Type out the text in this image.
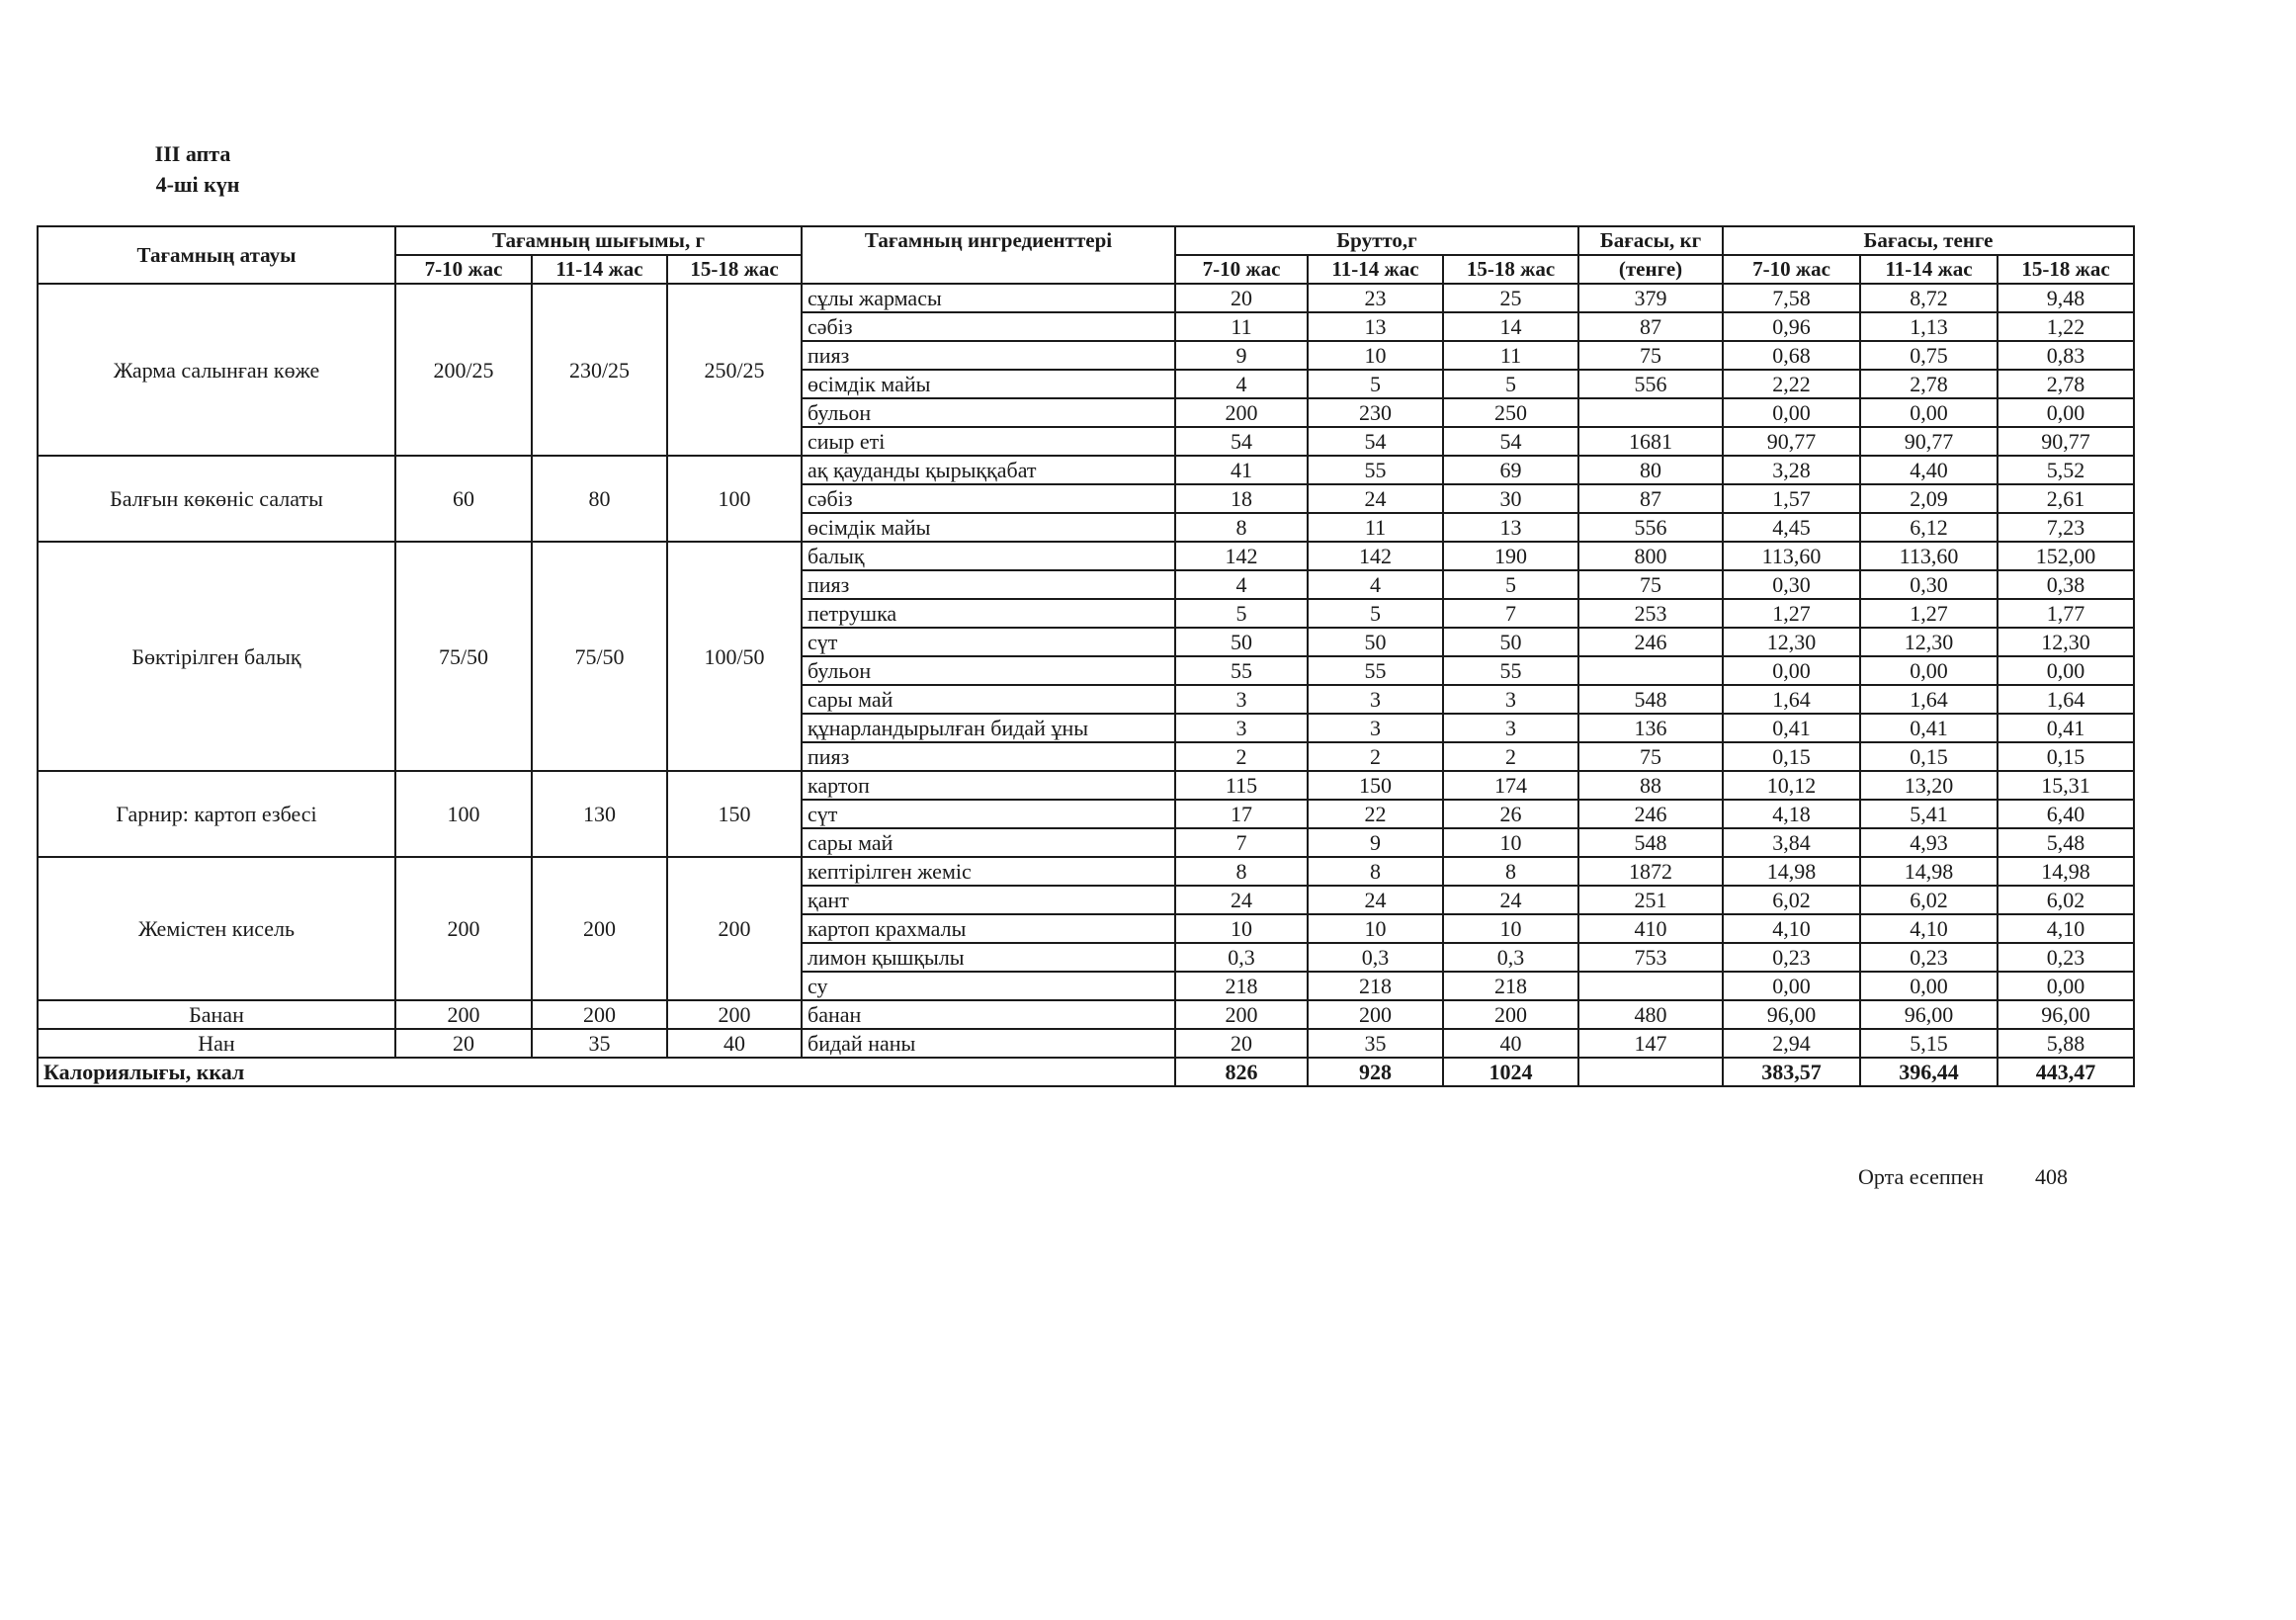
III апта
4-ші күн
Тағамның атауы	Тағамның шығымы, г			Тағамның ингредиенттері	Брутто,г			Бағасы, кг	Бағасы, тенге		
	7-10 жас	11-14 жас	15-18 жас		7-10 жас	11-14 жас	15-18 жас	(тенге)	7-10 жас	11-14 жас	15-18 жас
Жарма салынған көже	200/25	230/25	250/25	сұлы жармасы	20	23	25	379	7,58	8,72	9,48
				сәбіз	11	13	14	87	0,96	1,13	1,22
				пияз	9	10	11	75	0,68	0,75	0,83
				өсімдік майы	4	5	5	556	2,22	2,78	2,78
				бульон	200	230	250		0,00	0,00	0,00
				сиыр еті	54	54	54	1681	90,77	90,77	90,77
Балғын көкөніс салаты	60	80	100	ақ қауданды қырыққабат	41	55	69	80	3,28	4,40	5,52
				сәбіз	18	24	30	87	1,57	2,09	2,61
				өсімдік майы	8	11	13	556	4,45	6,12	7,23
Бөктірілген балық	75/50	75/50	100/50	балық	142	142	190	800	113,60	113,60	152,00
				пияз	4	4	5	75	0,30	0,30	0,38
				петрушка	5	5	7	253	1,27	1,27	1,77
				сүт	50	50	50	246	12,30	12,30	12,30
				бульон	55	55	55		0,00	0,00	0,00
				сары май	3	3	3	548	1,64	1,64	1,64
				құнарландырылған бидай ұны	3	3	3	136	0,41	0,41	0,41
				пияз	2	2	2	75	0,15	0,15	0,15
Гарнир: картоп езбесі	100	130	150	картоп	115	150	174	88	10,12	13,20	15,31
				сүт	17	22	26	246	4,18	5,41	6,40
				сары май	7	9	10	548	3,84	4,93	5,48
Жемістен кисель	200	200	200	кептірілген жеміс	8	8	8	1872	14,98	14,98	14,98
				қант	24	24	24	251	6,02	6,02	6,02
				картоп крахмалы	10	10	10	410	4,10	4,10	4,10
				лимон қышқылы	0,3	0,3	0,3	753	0,23	0,23	0,23
				су	218	218	218		0,00	0,00	0,00
Банан	200	200	200	банан	200	200	200	480	96,00	96,00	96,00
Нан	20	35	40	бидай наны	20	35	40	147	2,94	5,15	5,88
Калориялығы, ккал					826	928	1024		383,57	396,44	443,47
Орта есеппен 408
